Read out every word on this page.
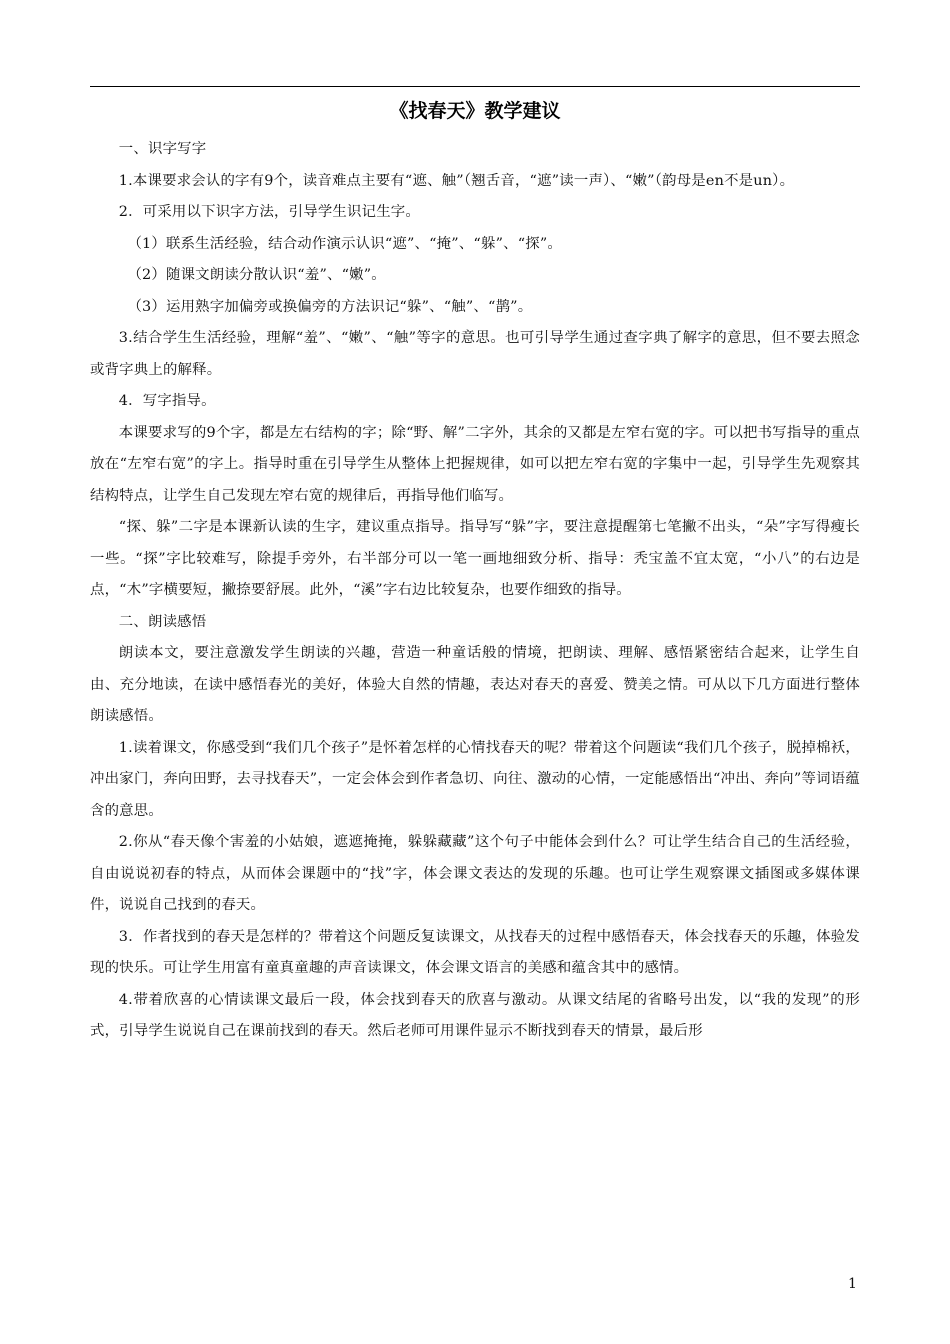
《找春天》教学建议

一、识字写字

1.本课要求会认的字有9个，读音难点主要有“遮、触”（翘舌音，“遮”读一声）、“嫩”（韵母是en不是un）。

2．可采用以下识字方法，引导学生识记生字。

（1）联系生活经验，结合动作演示认识“遮”、“掩”、“躲”、“探”。

（2）随课文朗读分散认识“羞”、“嫩”。

（3）运用熟字加偏旁或换偏旁的方法识记“躲”、“触”、“鹊”。

3.结合学生生活经验，理解“羞”、“嫩”、“触”等字的意思。也可引导学生通过查字典了解字的意思，但不要去照念或背字典上的解释。

4．写字指导。

本课要求写的9个字，都是左右结构的字；除“野、解”二字外，其余的又都是左窄右宽的字。可以把书写指导的重点放在“左窄右宽”的字上。指导时重在引导学生从整体上把握规律，如可以把左窄右宽的字集中一起，引导学生先观察其结构特点，让学生自己发现左窄右宽的规律后，再指导他们临写。

“探、躲”二字是本课新认读的生字，建议重点指导。指导写“躲”字，要注意提醒第七笔撇不出头，“朵”字写得瘦长一些。“探”字比较难写，除提手旁外，右半部分可以一笔一画地细致分析、指导：秃宝盖不宜太宽，“小八”的右边是点，“木”字横要短，撇捺要舒展。此外，“溪”字右边比较复杂，也要作细致的指导。

二、朗读感悟

朗读本文，要注意激发学生朗读的兴趣，营造一种童话般的情境，把朗读、理解、感悟紧密结合起来，让学生自由、充分地读，在读中感悟春光的美好，体验大自然的情趣，表达对春天的喜爱、赞美之情。可从以下几方面进行整体朗读感悟。

1.读着课文，你感受到“我们几个孩子”是怀着怎样的心情找春天的呢？带着这个问题读“我们几个孩子，脱掉棉袄，冲出家门，奔向田野，去寻找春天”，一定会体会到作者急切、向往、激动的心情，一定能感悟出“冲出、奔向”等词语蕴含的意思。

2.你从“春天像个害羞的小姑娘，遮遮掩掩，躲躲藏藏”这个句子中能体会到什么？可让学生结合自己的生活经验，自由说说初春的特点，从而体会课题中的“找”字，体会课文表达的发现的乐趣。也可让学生观察课文插图或多媒体课件，说说自己找到的春天。

3．作者找到的春天是怎样的？带着这个问题反复读课文，从找春天的过程中感悟春天，体会找春天的乐趣，体验发现的快乐。可让学生用富有童真童趣的声音读课文，体会课文语言的美感和蕴含其中的感情。

4.带着欣喜的心情读课文最后一段，体会找到春天的欣喜与激动。从课文结尾的省略号出发，以“我的发现”的形式，引导学生说说自己在课前找到的春天。然后老师可用课件显示不断找到春天的情景，最后形

1
